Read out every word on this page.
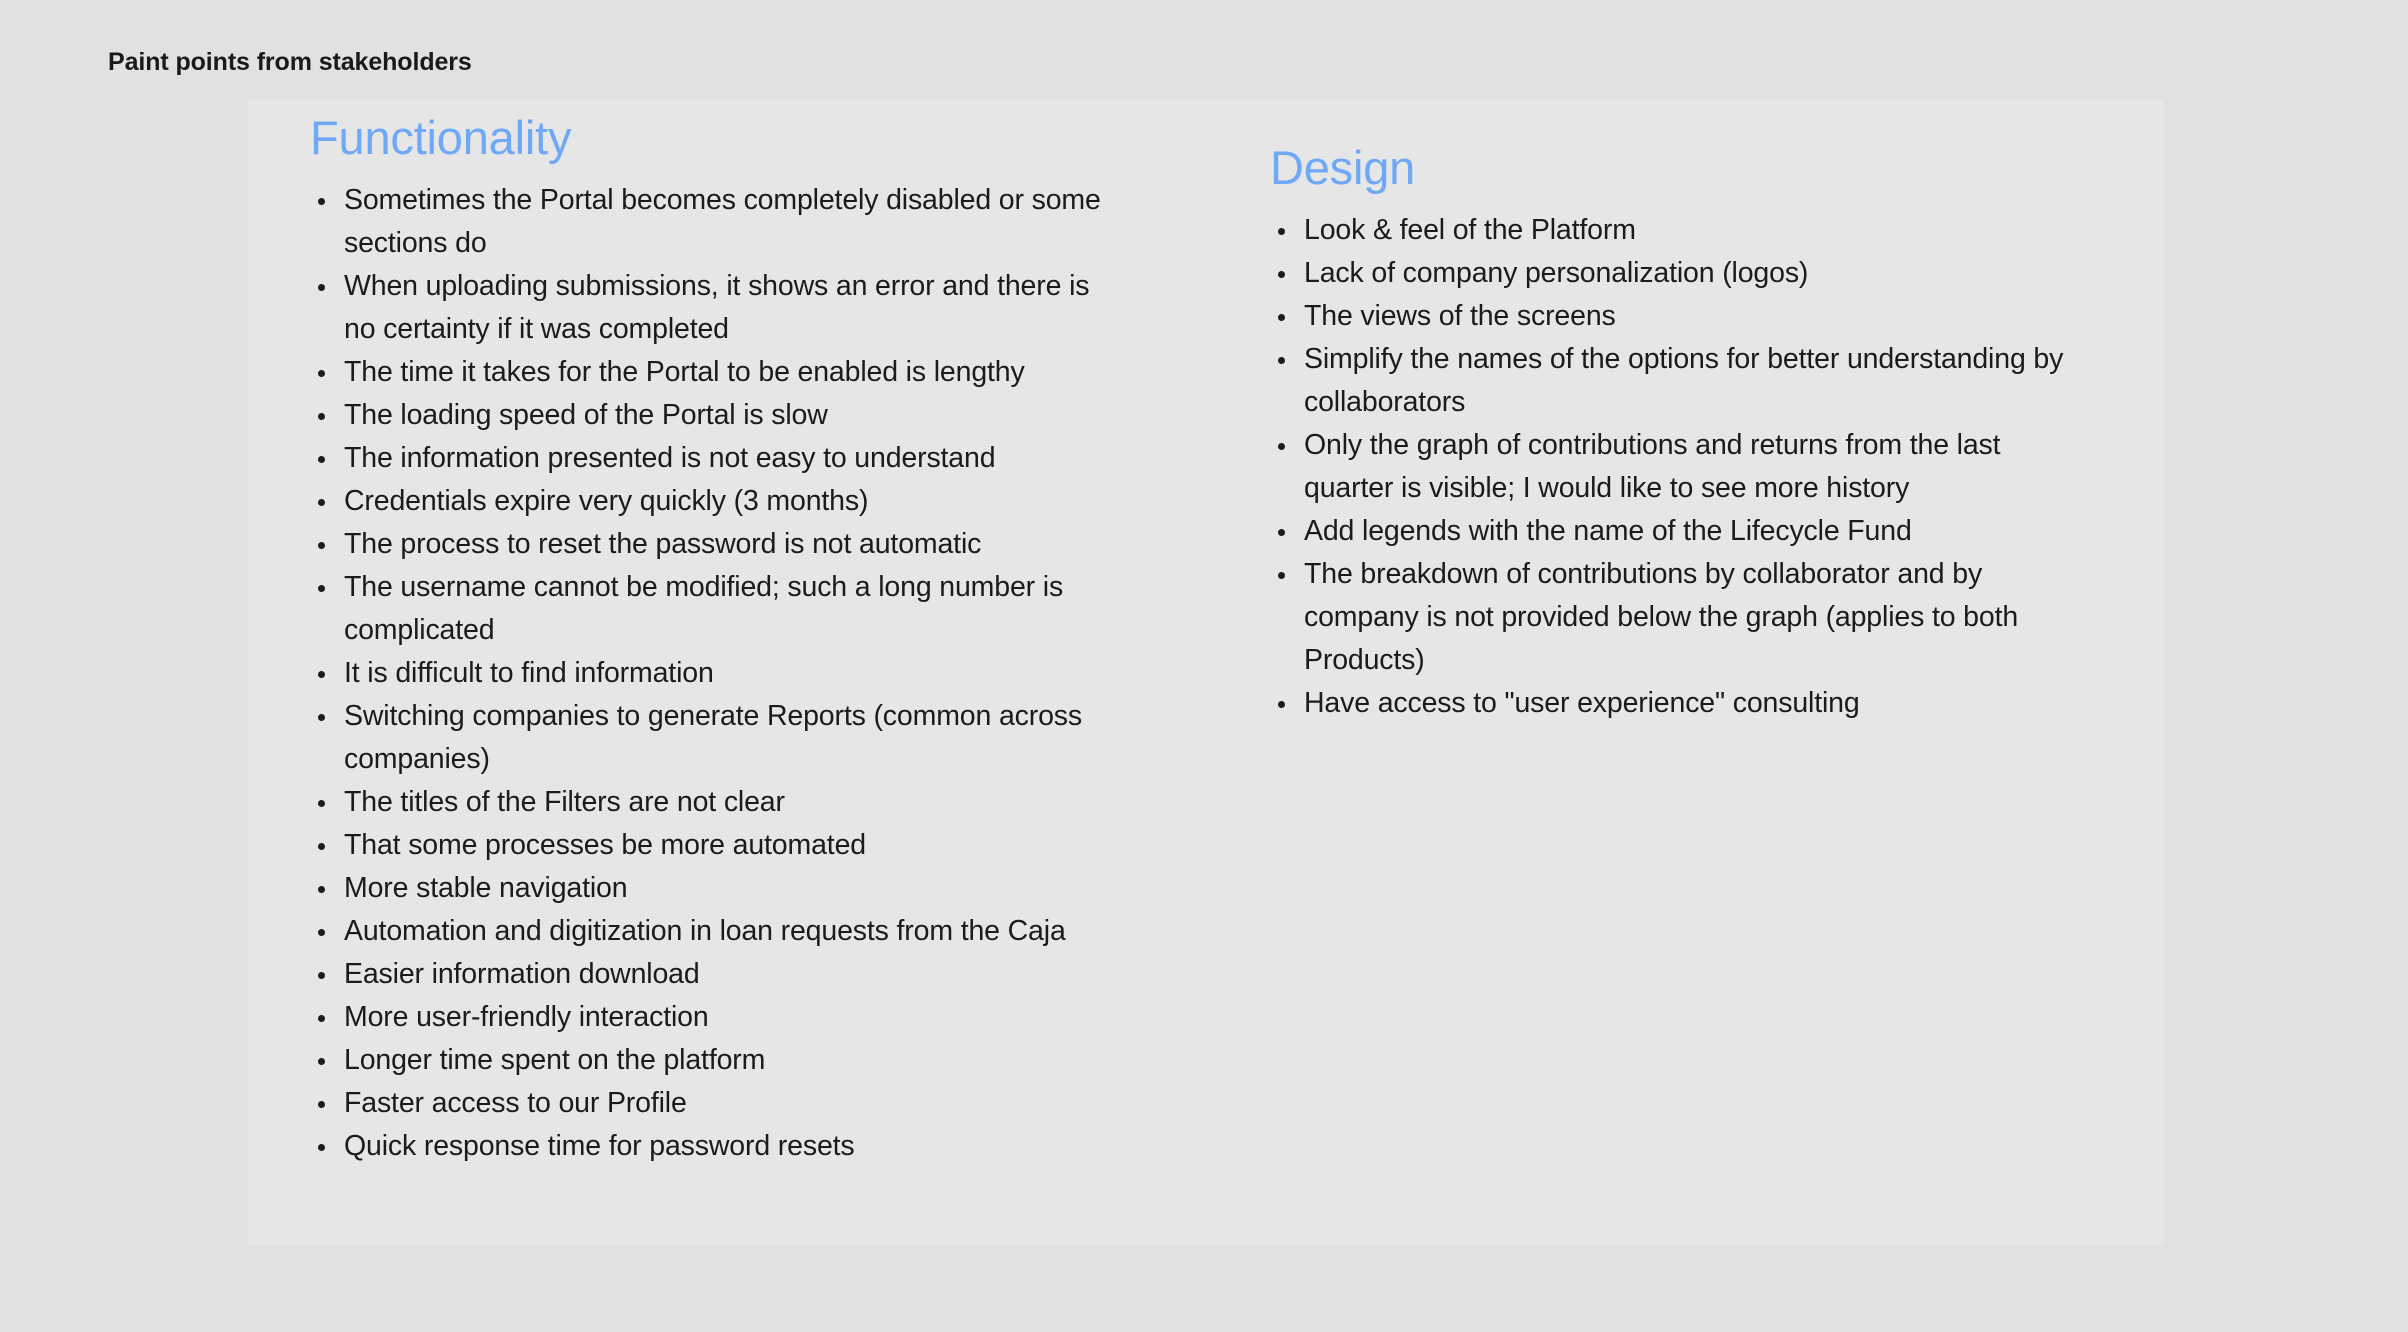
Paint points from stakeholders
Functionality
Sometimes the Portal becomes completely disabled or some sections do
When uploading submissions, it shows an error and there is no certainty if it was completed
The time it takes for the Portal to be enabled is lengthy
The loading speed of the Portal is slow
The information presented is not easy to understand
Credentials expire very quickly (3 months)
The process to reset the password is not automatic
The username cannot be modified; such a long number is complicated
It is difficult to find information
Switching companies to generate Reports (common across companies)
The titles of the Filters are not clear
That some processes be more automated
More stable navigation
Automation and digitization in loan requests from the Caja
Easier information download
More user-friendly interaction
Longer time spent on the platform
Faster access to our Profile
Quick response time for password resets
Design
Look & feel of the Platform
Lack of company personalization (logos)
The views of the screens
Simplify the names of the options for better understanding by collaborators
Only the graph of contributions and returns from the last quarter is visible; I would like to see more history
Add legends with the name of the Lifecycle Fund
The breakdown of contributions by collaborator and by company is not provided below the graph (applies to both Products)
Have access to "user experience" consulting
